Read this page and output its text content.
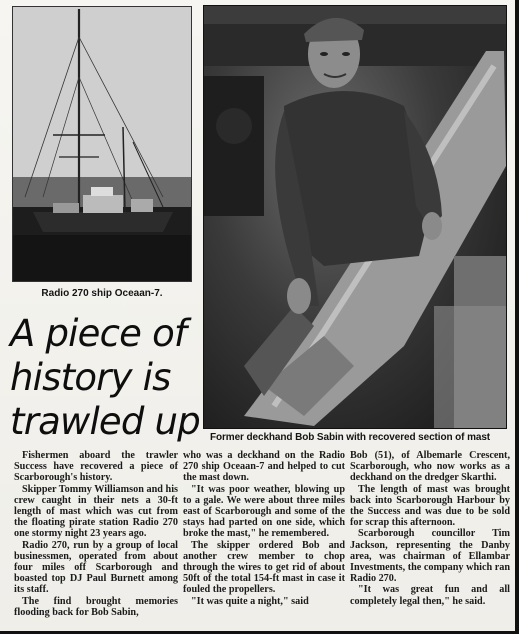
Radio 270 ship Oceaan-7.
Former deckhand Bob Sabin with recovered section of mast
A piece of
history is
trawled up

Fishermen aboard the trawler Success have recovered a piece of Scarborough's history.

Skipper Tommy Williamson and his crew caught in their nets a 30-ft length of mast which was cut from the floating pirate station Radio 270 one stormy night 23 years ago.

Radio 270, run by a group of local businessmen, operated from about four miles off Scarborough and boasted top DJ Paul Burnett among its staff.

The find brought memories flooding back for Bob Sabin,

who was a deckhand on the Radio 270 ship Oceaan-7 and helped to cut the mast down.

"It was poor weather, blowing up to a gale. We were about three miles east of Scarborough and some of the stays had parted on one side, which broke the mast," he remembered.

The skipper ordered Bob and another crew member to chop through the wires to get rid of about 50ft of the total 154-ft mast in case it fouled the propellers.

"It was quite a night," said

Bob (51), of Albemarle Crescent, Scarborough, who now works as a deckhand on the dredger Skarthi.

The length of mast was brought back into Scarborough Harbour by the Success and was due to be sold for scrap this afternoon.

Scarborough councillor Tim Jackson, representing the Danby area, was chairman of Ellambar Investments, the company which ran Radio 270.

"It was great fun and all completely legal then," he said.
